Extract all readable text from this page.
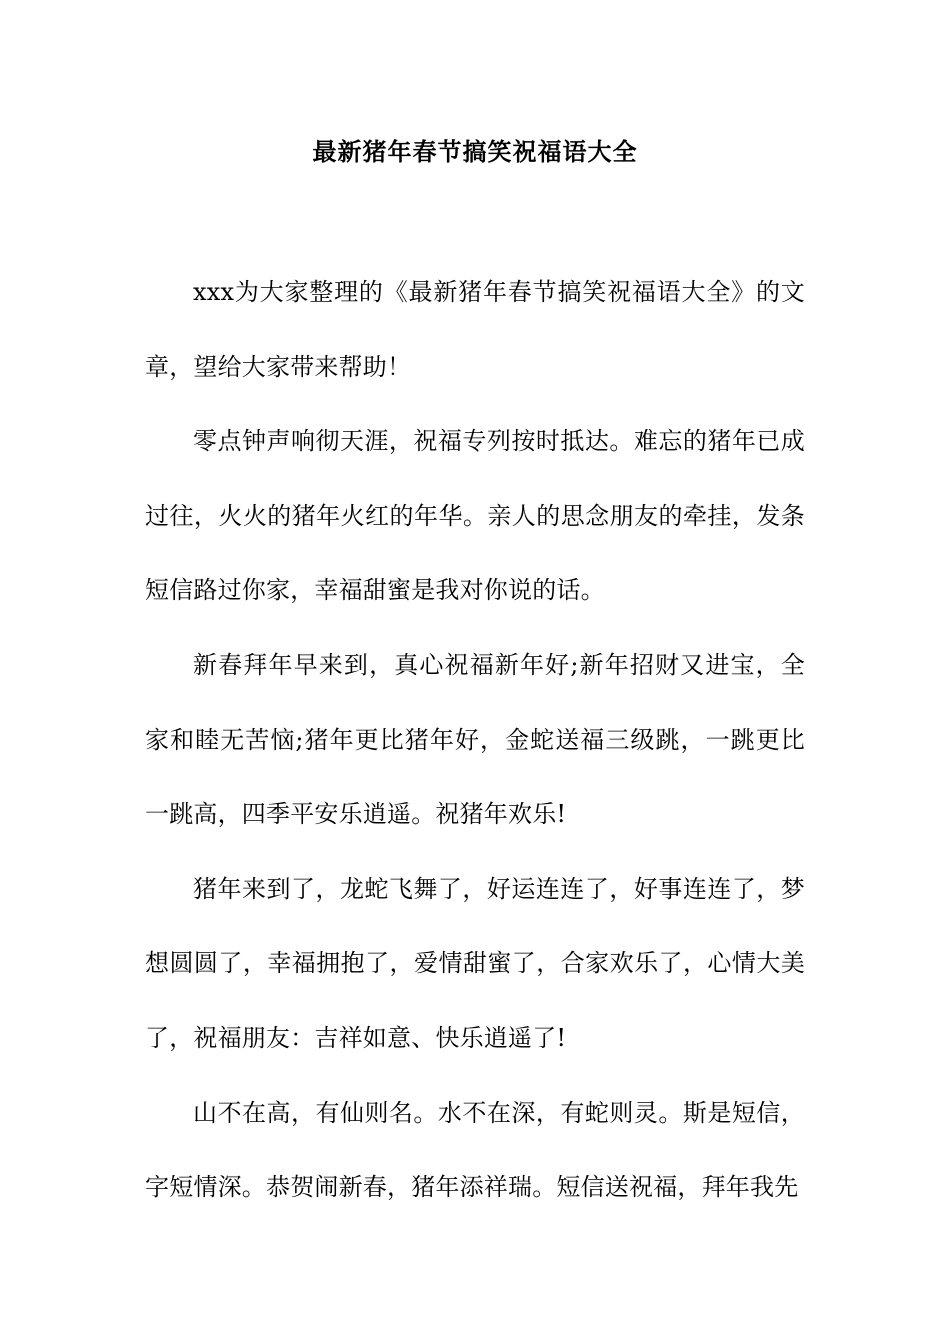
最新猪年春节搞笑祝福语大全

xxx为大家整理的《最新猪年春节搞笑祝福语大全》的文章，望给大家带来帮助！

零点钟声响彻天涯，祝福专列按时抵达。难忘的猪年已成过往，火火的猪年火红的年华。亲人的思念朋友的牵挂，发条短信路过你家，幸福甜蜜是我对你说的话。

新春拜年早来到，真心祝福新年好;新年招财又进宝，全家和睦无苦恼;猪年更比猪年好，金蛇送福三级跳，一跳更比一跳高，四季平安乐逍遥。祝猪年欢乐!

猪年来到了，龙蛇飞舞了，好运连连了，好事连连了，梦想圆圆了，幸福拥抱了，爱情甜蜜了，合家欢乐了，心情大美了，祝福朋友：吉祥如意、快乐逍遥了!

山不在高，有仙则名。水不在深，有蛇则灵。斯是短信，字短情深。恭贺闹新春，猪年添祥瑞。短信送祝福，拜年我先
